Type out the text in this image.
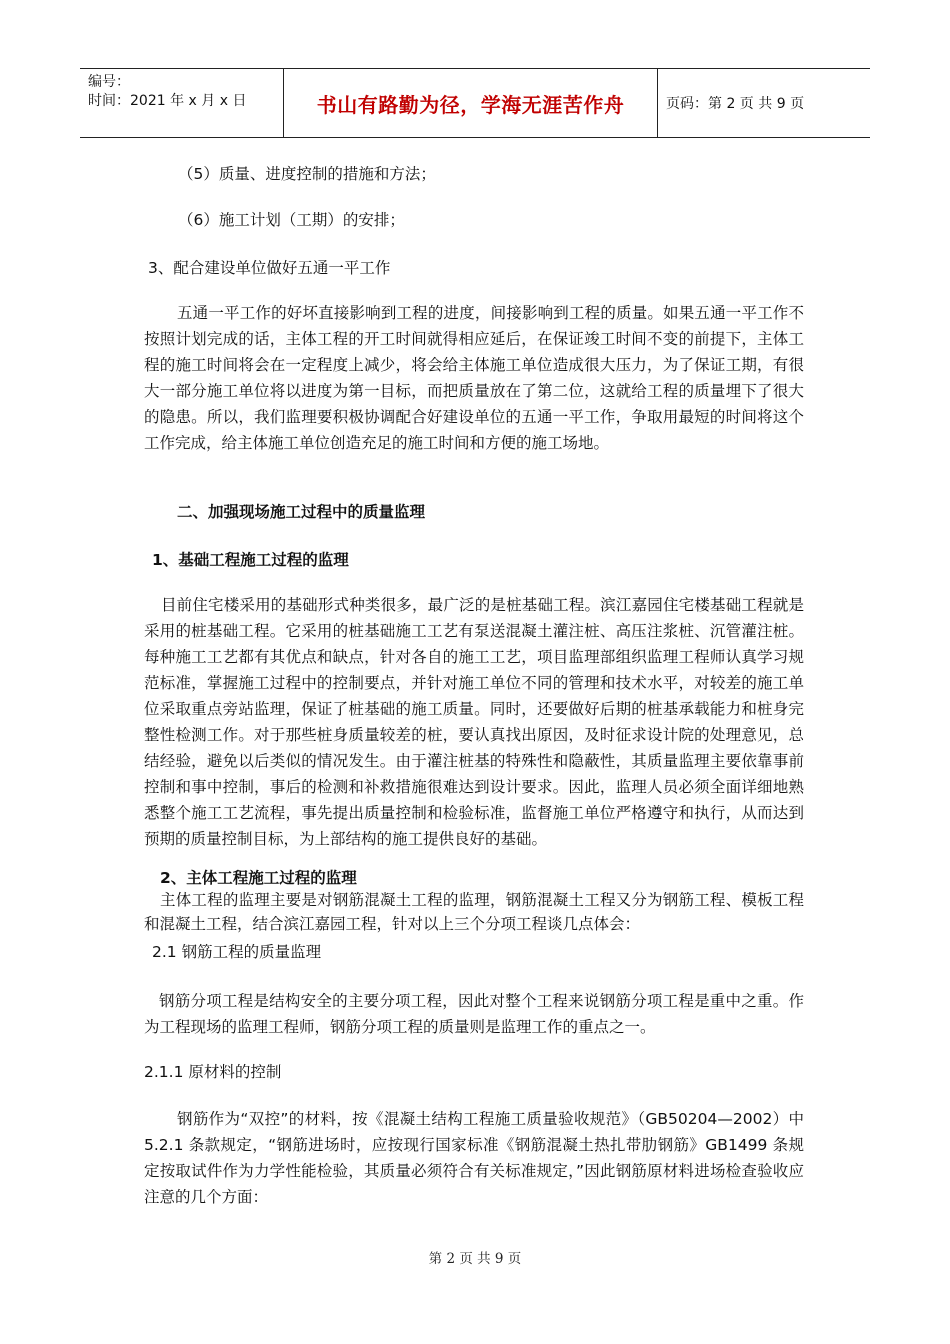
编号：
时间：2021 年 x 月 x 日	书山有路勤为径，学海无涯苦作舟	页码：第 2 页 共 9 页
（5）质量、进度控制的措施和方法；
（6）施工计划（工期）的安排；
3、配合建设单位做好五通一平工作
五通一平工作的好坏直接影响到工程的进度，间接影响到工程的质量。如果五通一平工作不按照计划完成的话，主体工程的开工时间就得相应延后，在保证竣工时间不变的前提下，主体工程的施工时间将会在一定程度上减少，将会给主体施工单位造成很大压力，为了保证工期，有很大一部分施工单位将以进度为第一目标，而把质量放在了第二位，这就给工程的质量埋下了很大的隐患。所以，我们监理要积极协调配合好建设单位的五通一平工作，争取用最短的时间将这个工作完成，给主体施工单位创造充足的施工时间和方便的施工场地。
二、加强现场施工过程中的质量监理
1、基础工程施工过程的监理
目前住宅楼采用的基础形式种类很多，最广泛的是桩基础工程。滨江嘉园住宅楼基础工程就是采用的桩基础工程。它采用的桩基础施工工艺有泵送混凝土灌注桩、高压注浆桩、沉管灌注桩。每种施工工艺都有其优点和缺点，针对各自的施工工艺，项目监理部组织监理工程师认真学习规范标准，掌握施工过程中的控制要点，并针对施工单位不同的管理和技术水平，对较差的施工单位采取重点旁站监理，保证了桩基础的施工质量。同时，还要做好后期的桩基承载能力和桩身完整性检测工作。对于那些桩身质量较差的桩，要认真找出原因，及时征求设计院的处理意见，总结经验，避免以后类似的情况发生。由于灌注桩基的特殊性和隐蔽性，其质量监理主要依靠事前控制和事中控制，事后的检测和补救措施很难达到设计要求。因此，监理人员必须全面详细地熟悉整个施工工艺流程，事先提出质量控制和检验标准，监督施工单位严格遵守和执行，从而达到预期的质量控制目标，为上部结构的施工提供良好的基础。
2、主体工程施工过程的监理
主体工程的监理主要是对钢筋混凝土工程的监理，钢筋混凝土工程又分为钢筋工程、模板工程和混凝土工程，结合滨江嘉园工程，针对以上三个分项工程谈几点体会：
2.1 钢筋工程的质量监理
钢筋分项工程是结构安全的主要分项工程，因此对整个工程来说钢筋分项工程是重中之重。作为工程现场的监理工程师，钢筋分项工程的质量则是监理工作的重点之一。
2.1.1 原材料的控制
钢筋作为“双控”的材料，按《混凝土结构工程施工质量验收规范》（GB50204—2002）中 5.2.1 条款规定，“钢筋进场时，应按现行国家标准《钢筋混凝土热扎带肋钢筋》GB1499 条规定按取试件作为力学性能检验，其质量必须符合有关标准规定，”因此钢筋原材料进场检查验收应注意的几个方面：
第 2 页 共 9 页
